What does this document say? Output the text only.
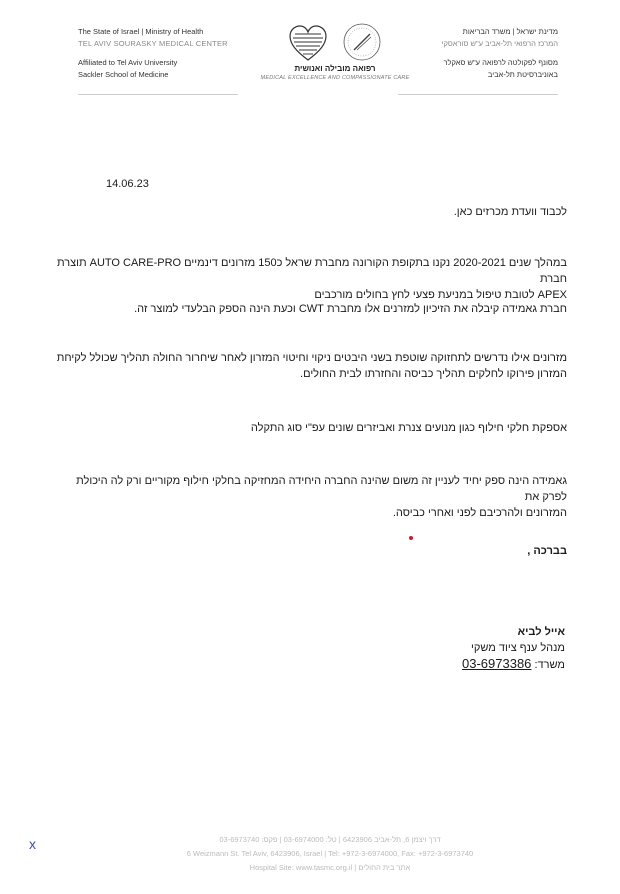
The State of Israel | Ministry of Health
TEL AVIV SOURASKY MEDICAL CENTER
Affiliated to Tel Aviv University
Sackler School of Medicine
מדינת ישראל | משרד הבריאות
המרכז הרפואי תל-אביב ע"ש סוראסקי
מסונף לפקולטה לרפואה ע"ש סאקלר
באוניברסיטת תל-אביב
רפואה מובילה ואנושית
MEDICAL EXCELLENCE AND COMPASSIONATE CARE
14.06.23

לכבוד וועדת מכרזים כאן.

במהלך שנים 2020-2021 נקנו בתקופת הקורונה מחברת שראל כ150 מזרונים דינמיים AUTO CARE-PRO תוצרת חברת
APEX לטובת טיפול במניעת פצעי לחץ בחולים מורכבים

חברת גאמידה קיבלה את הזיכיון למזרנים אלו מחברת CWT וכעת הינה הספק הבלעדי למוצר זה.

מזרונים אילו נדרשים לתחזוקה שוטפת בשני היבטים ניקוי וחיטוי המזרון לאחר שיחרור החולה תהליך שכולל לקיחת
המזרון פירוקו לחלקים תהליך כביסה והחזרתו לבית החולים.

אספקת חלקי חילוף כגון מנועים צנרת ואביזרים שונים עפ"י סוג התקלה

גאמידה הינה ספק יחיד לעניין זה משום שהינה החברה היחידה המחזיקה בחלקי חילוף מקוריים ורק לה היכולת לפרק את
המזרונים ולהרכיבם לפני ואחרי כביסה.

בברכה ,

אייל לביא
מנהל ענף ציוד משקי
משרד: 03-6973386
x	דרך ויצמן 6, תל-אביב 6423906 | טל: 03-6974000 | פקס: 03-6973740
6 Weizmann St. Tel Aviv, 6423906, Israel | Tel: +972-3-6974000, Fax: +972-3-6973740
Hospital Site: www.tasmc.org.il | אתר בית החולים
